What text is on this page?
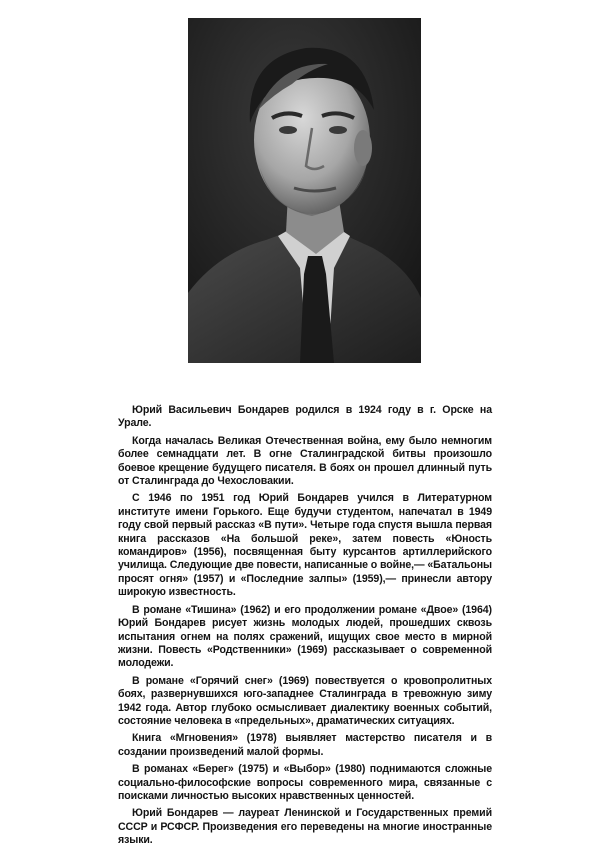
Юрий Васильевич Бондарев родился в 1924 году в г. Орске на Урале.

Когда началась Великая Отечественная война, ему было немногим более семнадцати лет. В огне Сталинградской битвы произошло боевое крещение будущего писателя. В боях он прошел длинный путь от Сталинграда до Чехословакии.

С 1946 по 1951 год Юрий Бондарев учился в Литературном институте имени Горького. Еще будучи студентом, напечатал в 1949 году свой первый рассказ «В пути». Четыре года спустя вышла первая книга рассказов «На большой реке», затем повесть «Юность командиров» (1956), посвященная быту курсантов артиллерийского училища. Следующие две повести, написанные о войне,— «Батальоны просят огня» (1957) и «Последние залпы» (1959),— принесли автору широкую известность.

В романе «Тишина» (1962) и его продолжении романе «Двое» (1964) Юрий Бондарев рисует жизнь молодых людей, прошедших сквозь испытания огнем на полях сражений, ищущих свое место в мирной жизни. Повесть «Родственники» (1969) рассказывает о современной молодежи.

В романе «Горячий снег» (1969) повествуется о кровопролитных боях, развернувшихся юго-западнее Сталинграда в тревожную зиму 1942 года. Автор глубоко осмысливает диалектику военных событий, состояние человека в «предельных», драматических ситуациях.

Книга «Мгновения» (1978) выявляет мастерство писателя и в создании произведений малой формы.

В романах «Берег» (1975) и «Выбор» (1980) поднимаются сложные социально-философские вопросы современного мира, связанные с поисками личностью высоких нравственных ценностей.

Юрий Бондарев — лауреат Ленинской и Государственных премий СССР и РСФСР. Произведения его переведены на многие иностранные языки.
